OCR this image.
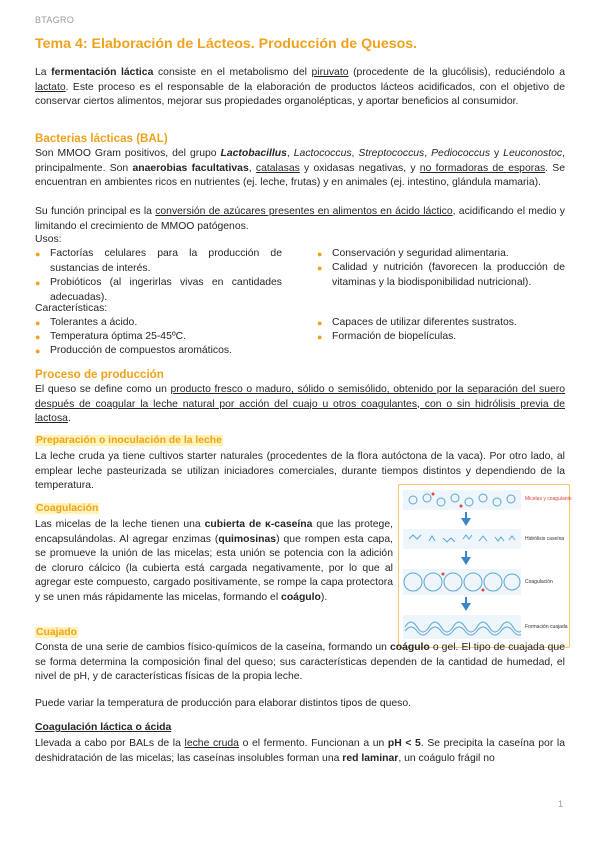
BTAGRO
Tema 4: Elaboración de Lácteos. Producción de Quesos.
La fermentación láctica consiste en el metabolismo del piruvato (procedente de la glucólisis), reduciéndolo a lactato. Este proceso es el responsable de la elaboración de productos lácteos acidificados, con el objetivo de conservar ciertos alimentos, mejorar sus propiedades organolépticas, y aportar beneficios al consumidor.
Bacterias lácticas (BAL)
Son MMOO Gram positivos, del grupo Lactobacillus, Lactococcus, Streptococcus, Pediococcus y Leuconostoc, principalmente. Son anaerobias facultativas, catalasas y oxidasas negativas, y no formadoras de esporas. Se encuentran en ambientes ricos en nutrientes (ej. leche, frutas) y en animales (ej. intestino, glándula mamaria).
Su función principal es la conversión de azúcares presentes en alimentos en ácido láctico, acidificando el medio y limitando el crecimiento de MMOO patógenos.
Usos:
● Factorías celulares para la producción de sustancias de interés.
● Probióticos (al ingerirlas vivas en cantidades adecuadas).
● Conservación y seguridad alimentaria.
● Calidad y nutrición (favorecen la producción de vitaminas y la biodisponibilidad nutricional).
Características:
● Tolerantes a ácido.
● Temperatura óptima 25-45ºC.
● Producción de compuestos aromáticos.
● Capaces de utilizar diferentes sustratos.
● Formación de biopelículas.
Proceso de producción
El queso se define como un producto fresco o maduro, sólido o semisólido, obtenido por la separación del suero después de coagular la leche natural por acción del cuajo u otros coagulantes, con o sin hidrólisis previa de lactosa.
Preparación o inoculación de la leche
La leche cruda ya tiene cultivos starter naturales (procedentes de la flora autóctona de la vaca). Por otro lado, al emplear leche pasteurizada se utilizan iniciadores comerciales, durante tiempos distintos y dependiendo de la temperatura.
Coagulación
Las micelas de la leche tienen una cubierta de κ-caseína que las protege, encapsulándolas. Al agregar enzimas (quimosinas) que rompen esta capa, se promueve la unión de las micelas; esta unión se potencia con la adición de cloruro cálcico (la cubierta está cargada negativamente, por lo que al agregar este compuesto, cargado positivamente, se rompe la capa protectora y se unen más rápidamente las micelas, formando el coágulo).
Micelas y coagulante
Hidrólisis caseína
Coagulación
Formación cuajada
Cuajado
Consta de una serie de cambios físico-químicos de la caseína, formando un coágulo o gel. El tipo de cuajada que se forma determina la composición final del queso; sus características dependen de la cantidad de humedad, el nivel de pH, y de características físicas de la propia leche.
Puede variar la temperatura de producción para elaborar distintos tipos de queso.
Coagulación láctica o ácida
Llevada a cabo por BALs de la leche cruda o el fermento. Funcionan a un pH < 5. Se precipita la caseína por la deshidratación de las micelas; las caseínas insolubles forman una red laminar, un coágulo frágil no
1
